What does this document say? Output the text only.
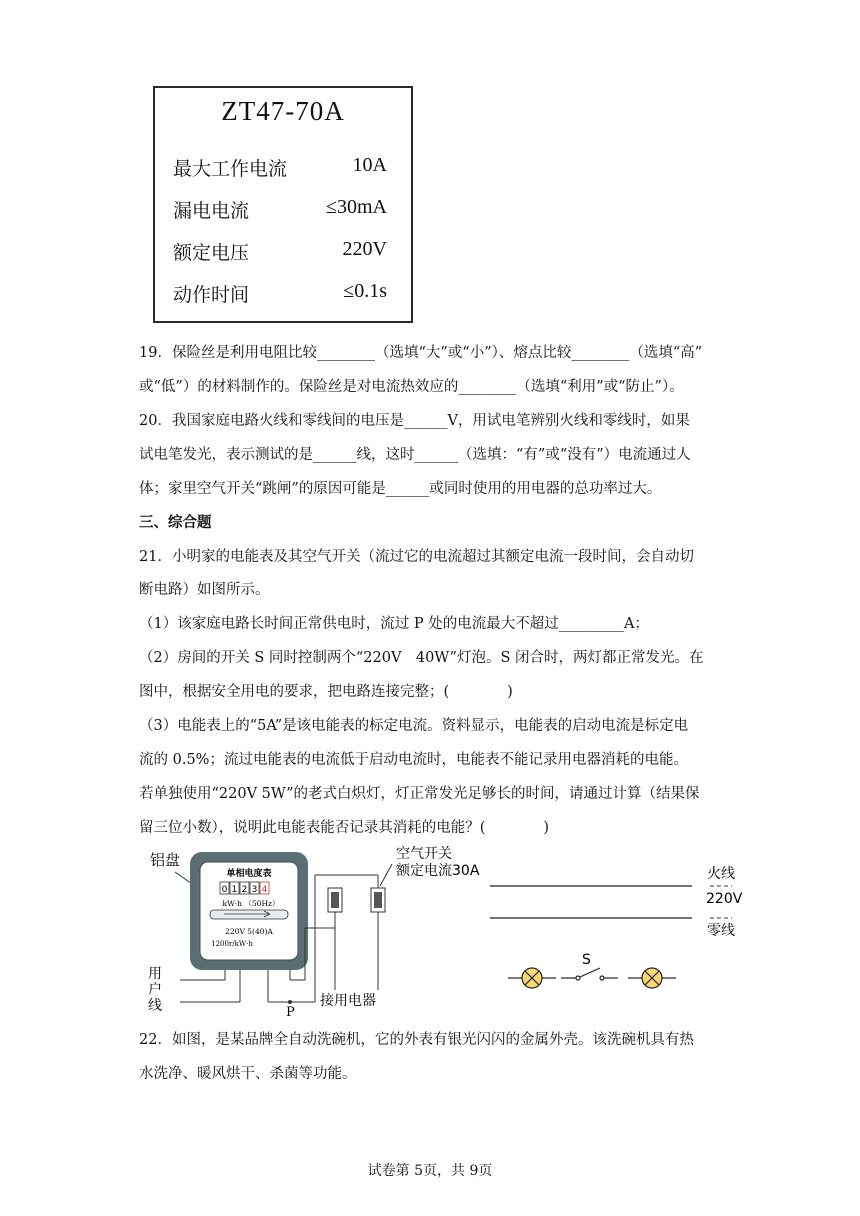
ZT47-70A
最大工作电流	10A
漏电电流	≤30mA
额定电压	220V
动作时间	≤0.1s
19．保险丝是利用电阻比较________（选填“大”或“小”）、熔点比较________（选填“高”
或“低”）的材料制作的。保险丝是对电流热效应的________（选填“利用”或“防止”）。
20．我国家庭电路火线和零线间的电压是______V，用试电笔辨别火线和零线时，如果
试电笔发光，表示测试的是______线，这时______（选填：“有”或“没有”）电流通过人
体；家里空气开关“跳闸”的原因可能是______或同时使用的用电器的总功率过大。
三、综合题
21．小明家的电能表及其空气开关（流过它的电流超过其额定电流一段时间，会自动切
断电路）如图所示。
（1）该家庭电路长时间正常供电时，流过 P 处的电流最大不超过_________A；
（2）房间的开关 S 同时控制两个“220V　40W”灯泡。S 闭合时，两灯都正常发光。在
图中，根据安全用电的要求，把电路连接完整；(　　　　)
（3）电能表上的“5A”是该电能表的标定电流。资料显示，电能表的启动电流是标定电
流的 0.5%；流过电能表的电流低于启动电流时，电能表不能记录用电器消耗的电能。
若单独使用“220V 5W”的老式白炽灯，灯正常发光足够长的时间，请通过计算（结果保
留三位小数），说明此电能表能否记录其消耗的电能？(　　　　)
铝盘
单相电度表
0 1 2 3 4
kW·h （50Hz）
220V 5(40)A
1200r/kW·h
P
用
户
线
空气开关
额定电流30A
接用电器
火线
220V
零线
S
22．如图，是某品牌全自动洗碗机，它的外表有银光闪闪的金属外壳。该洗碗机具有热
水洗净、暖风烘干、杀菌等功能。
试卷第 5页，共 9页
